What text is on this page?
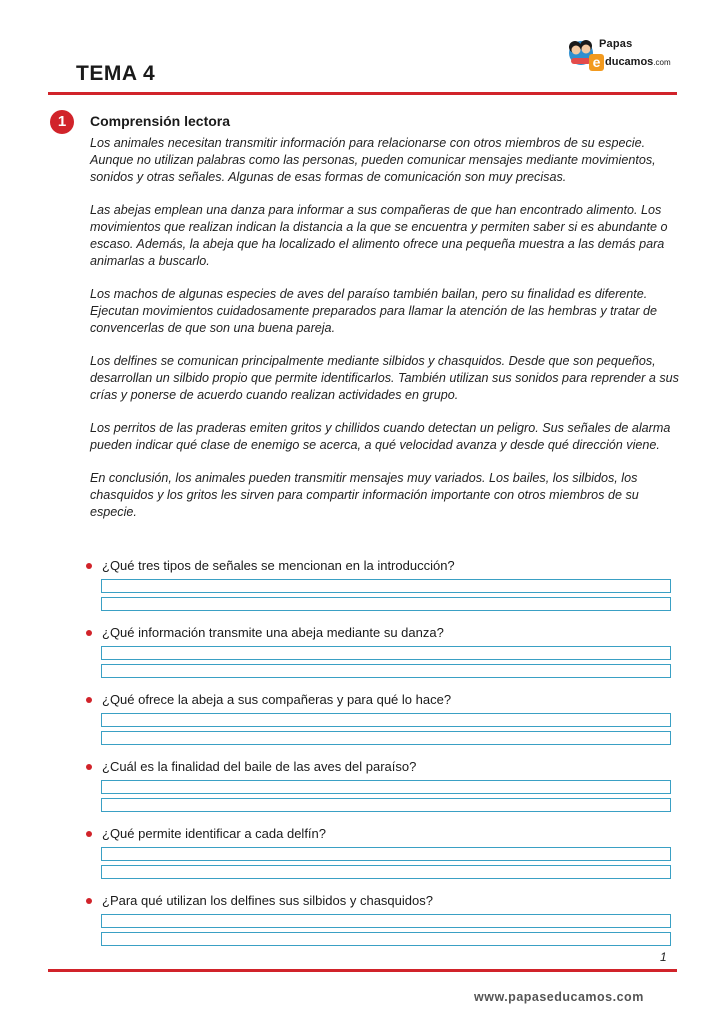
Papas
e ducamos.com
TEMA 4
1	Comprensión lectora

Los animales necesitan transmitir información para relacionarse con otros miembros de su especie. Aunque no utilizan palabras como las personas, pueden comunicar mensajes mediante movimientos, sonidos y otras señales. Algunas de esas formas de comunicación son muy precisas.

Las abejas emplean una danza para informar a sus compañeras de que han encontrado alimento. Los movimientos que realizan indican la distancia a la que se encuentra y permiten saber si es abundante o escaso. Además, la abeja que ha localizado el alimento ofrece una pequeña muestra a las demás para animarlas a buscarlo.

Los machos de algunas especies de aves del paraíso también bailan, pero su finalidad es diferente. Ejecutan movimientos cuidadosamente preparados para llamar la atención de las hembras y tratar de convencerlas de que son una buena pareja.

Los delfines se comunican principalmente mediante silbidos y chasquidos. Desde que son pequeños, desarrollan un silbido propio que permite identificarlos. También utilizan sus sonidos para reprender a sus crías y ponerse de acuerdo cuando realizan actividades en grupo.

Los perritos de las praderas emiten gritos y chillidos cuando detectan un peligro. Sus señales de alarma pueden indicar qué clase de enemigo se acerca, a qué velocidad avanza y desde qué dirección viene.

En conclusión, los animales pueden transmitir mensajes muy variados. Los bailes, los silbidos, los chasquidos y los gritos les sirven para compartir información importante con otros miembros de su especie.

¿Qué tres tipos de señales se mencionan en la introducción?
¿Qué información transmite una abeja mediante su danza?
¿Qué ofrece la abeja a sus compañeras y para qué lo hace?
¿Cuál es la finalidad del baile de las aves del paraíso?
¿Qué permite identificar a cada delfín?
¿Para qué utilizan los delfines sus silbidos y chasquidos?
1
www.papaseducamos.com
